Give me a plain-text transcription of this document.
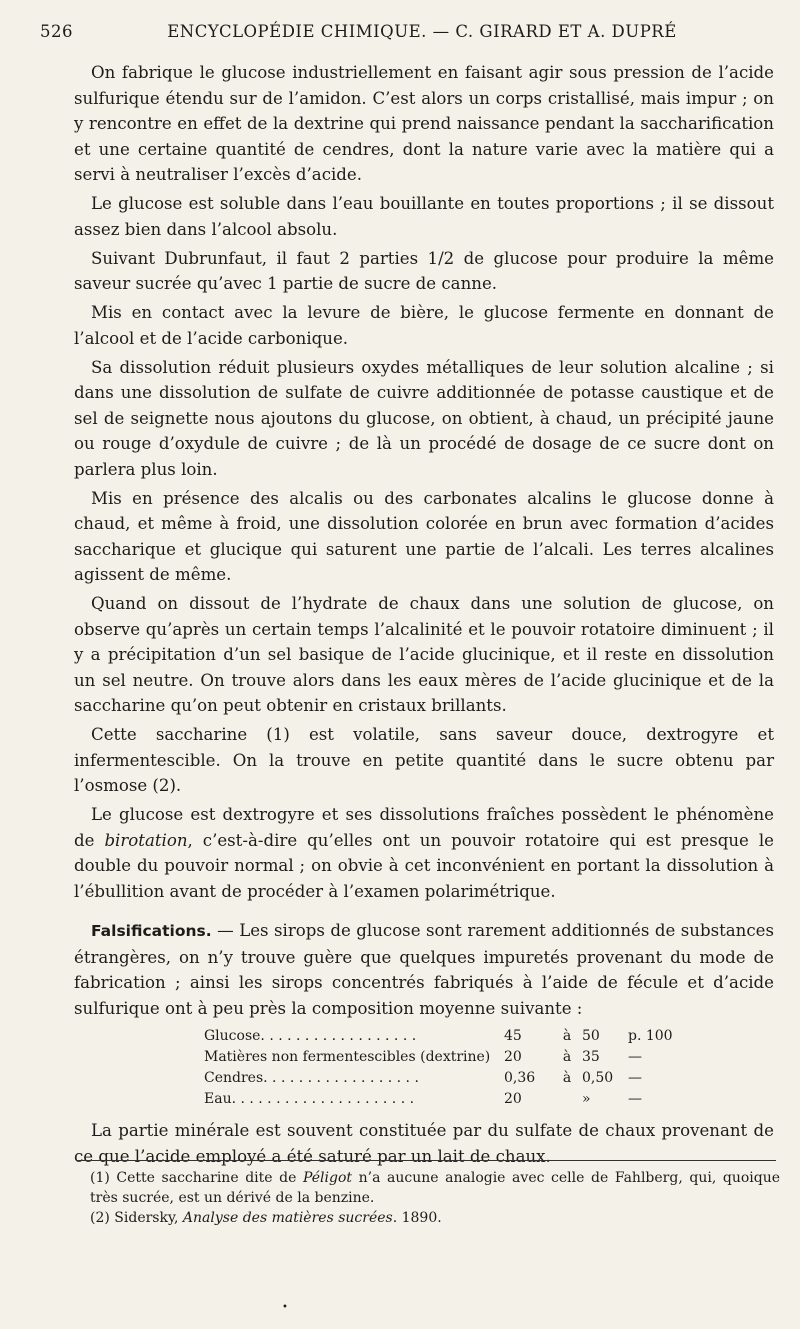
526	ENCYCLOPÉDIE CHIMIQUE. — C. GIRARD ET A. DUPRÉ

On fabrique le glucose industriellement en faisant agir sous pression de l’acide sulfurique étendu sur de l’amidon. C’est alors un corps cristallisé, mais impur ; on y rencontre en effet de la dextrine qui prend naissance pendant la saccharification et une certaine quantité de cendres, dont la nature varie avec la matière qui a servi à neutraliser l’excès d’acide.

Le glucose est soluble dans l’eau bouillante en toutes proportions ; il se dissout assez bien dans l’alcool absolu.

Suivant Dubrunfaut, il faut 2 parties 1/2 de glucose pour produire la même saveur sucrée qu’avec 1 partie de sucre de canne.

Mis en contact avec la levure de bière, le glucose fermente en donnant de l’alcool et de l’acide carbonique.

Sa dissolution réduit plusieurs oxydes métalliques de leur solution alcaline ; si dans une dissolution de sulfate de cuivre additionnée de potasse caustique et de sel de seignette nous ajoutons du glucose, on obtient, à chaud, un précipité jaune ou rouge d’oxydule de cuivre ; de là un procédé de dosage de ce sucre dont on parlera plus loin.

Mis en présence des alcalis ou des carbonates alcalins le glucose donne à chaud, et même à froid, une dissolution colorée en brun avec formation d’acides saccharique et glucique qui saturent une partie de l’alcali. Les terres alcalines agissent de même.

Quand on dissout de l’hydrate de chaux dans une solution de glucose, on observe qu’après un certain temps l’alcalinité et le pouvoir rotatoire diminuent ; il y a précipitation d’un sel basique de l’acide glucinique, et il reste en dissolution un sel neutre. On trouve alors dans les eaux mères de l’acide glucinique et de la saccharine qu’on peut obtenir en cristaux brillants.

Cette saccharine (1) est volatile, sans saveur douce, dextrogyre et infermentescible. On la trouve en petite quantité dans le sucre obtenu par l’osmose (2).

Le glucose est dextrogyre et ses dissolutions fraîches possèdent le phénomène de birotation, c’est-à-dire qu’elles ont un pouvoir rotatoire qui est presque le double du pouvoir normal ; on obvie à cet inconvénient en portant la dissolution à l’ébullition avant de procéder à l’examen polarimétrique.

Falsifications. — Les sirops de glucose sont rarement additionnés de substances étrangères, on n’y trouve guère que quelques impuretés provenant du mode de fabrication ; ainsi les sirops concentrés fabriqués à l’aide de fécule et d’acide sulfurique ont à peu près la composition moyenne suivante :

Glucose. . . . . . . . . . . . . . . . . .	45	à	50	p. 100
Matières non fermentescibles (dextrine)	20	à	35	—
Cendres. . . . . . . . . . . . . . . . . .	0,36	à	0,50	—
Eau. . . . . . . . . . . . . . . . . . . . .	20		»	—

La partie minérale est souvent constituée par du sulfate de chaux provenant de ce que l’acide employé a été saturé par un lait de chaux.

(1) Cette saccharine dite de Péligot n’a aucune analogie avec celle de Fahlberg, qui, quoique très sucrée, est un dérivé de la benzine.

(2) Sidersky, Analyse des matières sucrées. 1890.

•
